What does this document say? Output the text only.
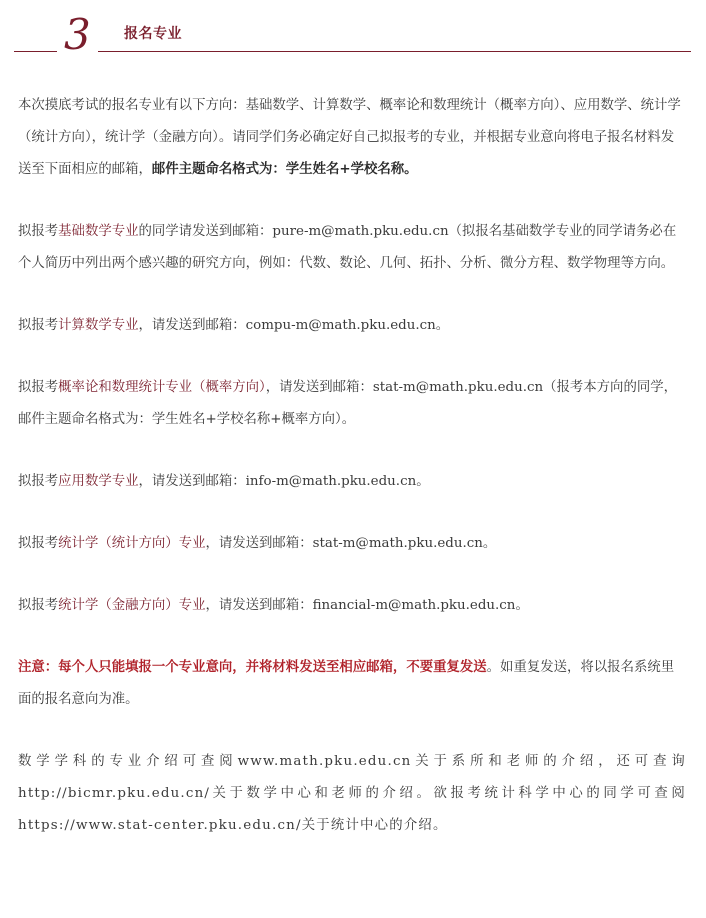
3 报名专业

本次摸底考试的报名专业有以下方向：基础数学、计算数学、概率论和数理统计（概率方向）、应用数学、统计学（统计方向），统计学（金融方向）。请同学们务必确定好自己拟报考的专业，并根据专业意向将电子报名材料发送至下面相应的邮箱，邮件主题命名格式为：学生姓名+学校名称。

拟报考基础数学专业的同学请发送到邮箱：pure-m@math.pku.edu.cn（拟报名基础数学专业的同学请务必在个人简历中列出两个感兴趣的研究方向，例如：代数、数论、几何、拓扑、分析、微分方程、数学物理等方向。

拟报考计算数学专业，请发送到邮箱：compu-m@math.pku.edu.cn。

拟报考概率论和数理统计专业（概率方向），请发送到邮箱：stat-m@math.pku.edu.cn（报考本方向的同学，邮件主题命名格式为：学生姓名+学校名称+概率方向）。

拟报考应用数学专业，请发送到邮箱：info-m@math.pku.edu.cn。

拟报考统计学（统计方向）专业，请发送到邮箱：stat-m@math.pku.edu.cn。

拟报考统计学（金融方向）专业，请发送到邮箱：financial-m@math.pku.edu.cn。

注意：每个人只能填报一个专业意向，并将材料发送至相应邮箱，不要重复发送。如重复发送，将以报名系统里面的报名意向为准。

数学学科的专业介绍可查阅www.math.pku.edu.cn关于系所和老师的介绍，还可查询http://bicmr.pku.edu.cn/关于数学中心和老师的介绍。欲报考统计科学中心的同学可查阅https://www.stat-center.pku.edu.cn/关于统计中心的介绍。
